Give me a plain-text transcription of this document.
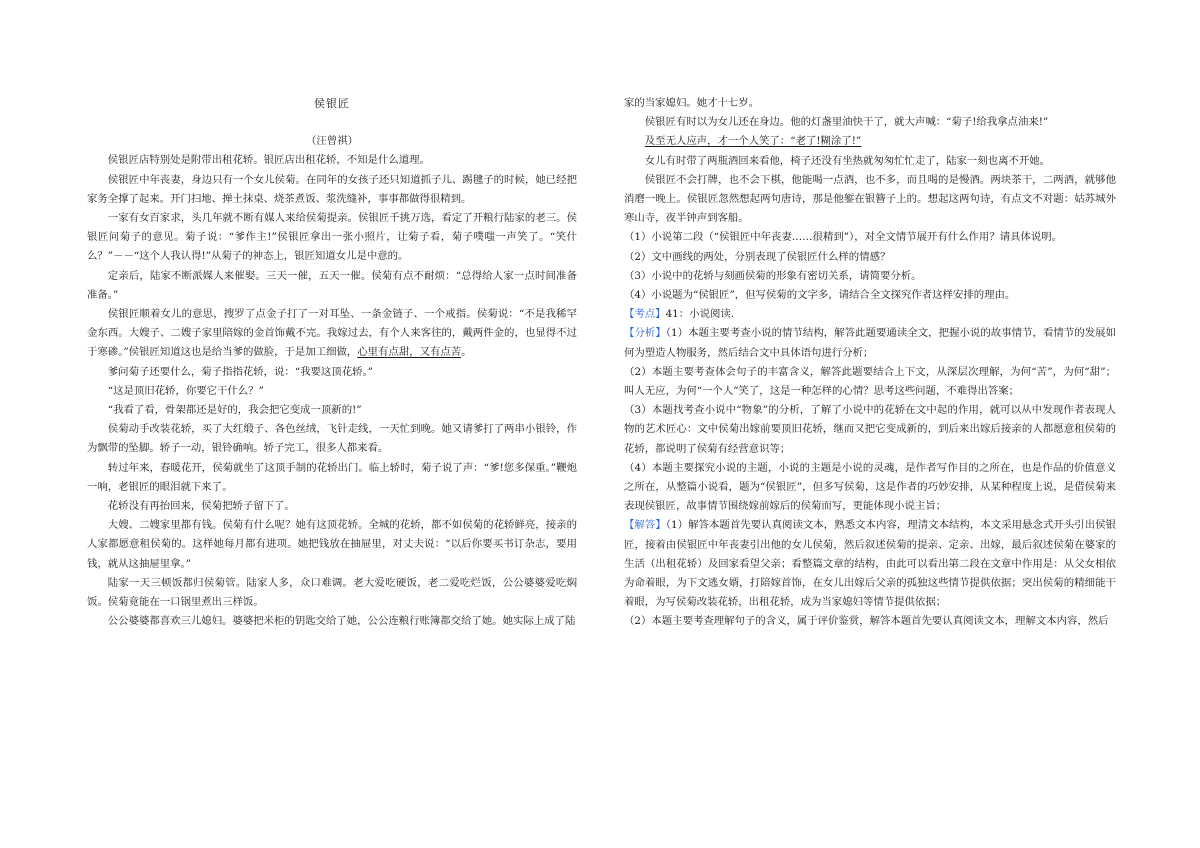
侯银匠
（汪曾祺）

侯银匠店特别处是附带出租花轿。银匠店出租花轿，不知是什么道理。

侯银匠中年丧妻，身边只有一个女儿侯菊。在同年的女孩子还只知道抓子儿、踢毽子的时候，她已经把家务全撑了起来。开门扫地、掸土抹桌、烧茶煮饭、浆洗缝补，事事都做得很精到。

一家有女百家求，头几年就不断有媒人来给侯菊提亲。侯银匠千挑万选，看定了开粮行陆家的老三。侯银匠问菊子的意见。菊子说：“爹作主!”侯银匠拿出一张小照片，让菊子看，菊子噗嗤一声笑了。“笑什么？”－－“这个人我认得!”从菊子的神态上，银匠知道女儿是中意的。

定亲后，陆家不断派媒人来催娶。三天一催，五天一催。侯菊有点不耐烦：“总得给人家一点时间准备准备。”

侯银匠顺着女儿的意思，搜罗了点金子打了一对耳坠、一条金链子、一个戒指。侯菊说：“不是我稀罕金东西。大嫂子、二嫂子家里陪嫁的金首饰戴不完。我嫁过去，有个人来客往的，戴两件金的，也显得不过于寒碜。”侯银匠知道这也是给当爹的做脸，于是加工细做，心里有点甜，又有点苦。

爹问菊子还要什么，菊子指指花轿，说：“我要这顶花轿。”

“这是顶旧花轿，你要它干什么？”

“我看了看，骨架都还是好的，我会把它变成一顶新的!”

侯菊动手改装花轿，买了大红缎子、各色丝绒，飞针走线，一天忙到晚。她又请爹打了两串小银铃，作为飘带的坠脚。轿子一动，银铃确响。轿子完工，很多人都来看。

转过年来，春暖花开，侯菊就坐了这顶手制的花轿出门。临上轿时，菊子说了声：“爹!您多保重。”鞭炮一响，老银匠的眼泪就下来了。

花轿没有再抬回来，侯菊把轿子留下了。

大嫂、二嫂家里都有钱。侯菊有什么呢？她有这顶花轿。全城的花轿，都不如侯菊的花轿鲜亮，接亲的人家都愿意租侯菊的。这样她每月都有进项。她把钱放在抽屉里，对丈夫说：“以后你要买书订杂志，要用钱，就从这抽屉里拿。”

陆家一天三顿饭都归侯菊管。陆家人多，众口难调。老大爱吃硬饭，老二爱吃烂饭，公公婆婆爱吃焖饭。侯菊竟能在一口锅里煮出三样饭。

公公婆婆都喜欢三儿媳妇。婆婆把米柜的钥匙交给了她，公公连粮行账簿都交给了她。她实际上成了陆

家的当家媳妇。她才十七岁。

侯银匠有时以为女儿还在身边。他的灯盏里油快干了，就大声喊：“菊子!给我拿点油来!”

及至无人应声，才一个人笑了：“老了!糊涂了!”

女儿有时带了两瓶酒回来看他，椅子还没有坐热就匆匆忙忙走了，陆家一刻也离不开她。

侯银匠不会打牌，也不会下棋，他能喝一点酒，也不多，而且喝的是慢酒。两块茶干，二两酒，就够他消磨一晚上。侯银匠忽然想起两句唐诗，那是他錾在银簪子上的。想起这两句诗，有点文不对题：姑苏城外寒山寺，夜半钟声到客船。

（1）小说第二段（“侯银匠中年丧妻……很精到”），对全文情节展开有什么作用？请具体说明。

（2）文中画线的两处，分别表现了侯银匠什么样的情感？

（3）小说中的花轿与刻画侯菊的形象有密切关系，请简要分析。

（4）小说题为“侯银匠”，但写侯菊的文字多，请结合全文探究作者这样安排的理由。

【考点】41：小说阅读.

【分析】（1）本题主要考查小说的情节结构，解答此题要通读全文，把握小说的故事情节，看情节的发展如何为塑造人物服务，然后结合文中具体语句进行分析；

（2）本题主要考查体会句子的丰富含义，解答此题要结合上下文，从深层次理解，为何“苦”，为何“甜”；叫人无应，为何“一个人”笑了，这是一种怎样的心情？思考这些问题，不难得出答案；

（3）本题找考查小说中“物象”的分析，了解了小说中的花轿在文中起的作用，就可以从中发现作者表现人物的艺术匠心：文中侯菊出嫁前要顶旧花轿，继而又把它变成新的，到后来出嫁后接亲的人都愿意租侯菊的花轿，都说明了侯菊有经营意识等；

（4）本题主要探究小说的主题，小说的主题是小说的灵魂，是作者写作目的之所在，也是作品的价值意义之所在，从整篇小说看，题为“侯银匠”，但多写侯菊，这是作者的巧妙安排，从某种程度上说，是借侯菊来表现侯银匠，故事情节围绕嫁前嫁后的侯菊而写，更能体现小说主旨；

【解答】（1）解答本题首先要认真阅读文本，熟悉文本内容，理清文本结构，本文采用悬念式开头引出侯银匠，接着由侯银匠中年丧妻引出他的女儿侯菊，然后叙述侯菊的提亲、定亲、出嫁，最后叙述侯菊在婆家的生活（出租花轿）及回家看望父亲；看整篇文章的结构，由此可以看出第二段在文章中作用是：从父女相依为命着眼，为下文逃女婿，打陪嫁首饰，在女儿出嫁后父亲的孤独这些情节提供依据；突出侯菊的精细能干着眼，为写侯菊改装花轿，出租花轿，成为当家媳妇等情节提供依据；

（2）本题主要考查理解句子的含义，属于评价鉴赏，解答本题首先要认真阅读文本，理解文本内容，然后
